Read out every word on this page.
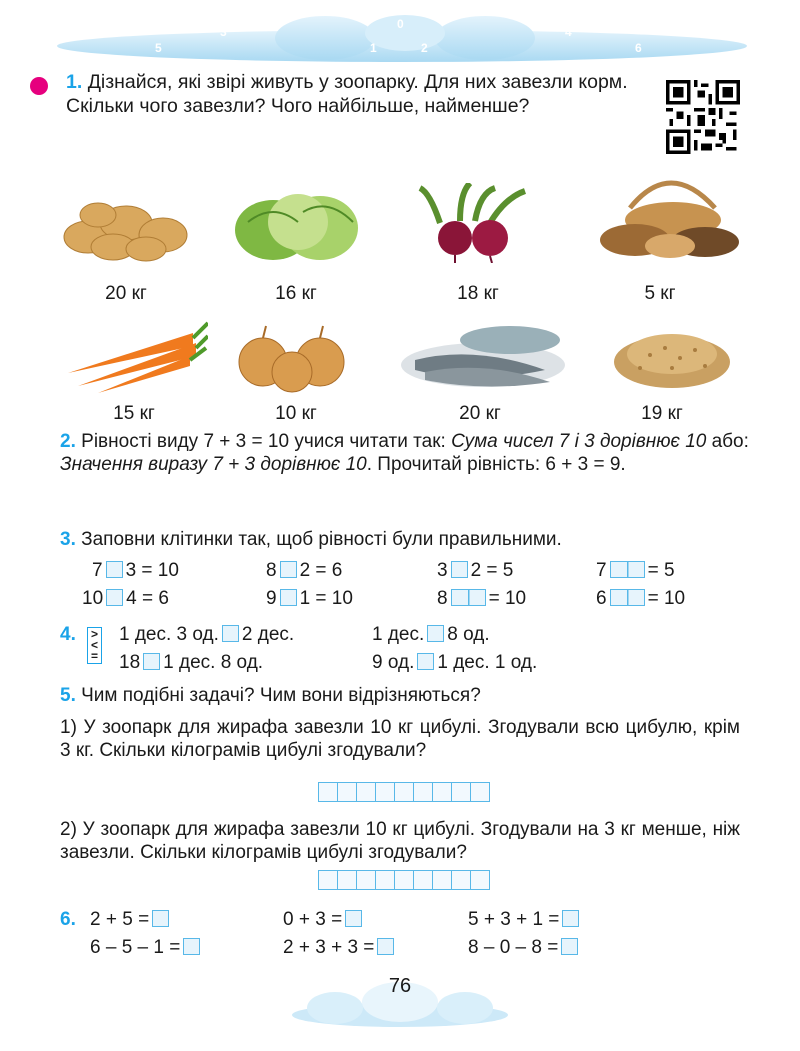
7
5
3
1
0
2
4
6
8
1. Дізнайся, які звірі живуть у зоопарку. Для них завезли корм. Скільки чого завезли? Чого найбільше, найменше?
20 кг	16 кг	18 кг	5 кг
15 кг	10 кг	20 кг	19 кг
2. Рівності виду 7 + 3 = 10 учися читати так: Сума чисел 7 і 3 дорівнює 10 або: Значення виразу 7 + 3 дорівнює 10. Прочитай рівність: 6 + 3 = 9.
3. Заповни клітинки так, щоб рівності були правильними.
7 3 = 10	8 2 = 6	3 2 = 5	7 = 5
10 4 = 6	9 1 = 10	8 = 10	6 = 10
4. >
<
=
1 дес. 3 од. 2 дес.	1 дес. 8 од.
18 1 дес. 8 од.	9 од. 1 дес. 1 од.
5. Чим подібні задачі? Чим вони відрізняються?
1) У зоопарк для жирафа завезли 10 кг цибулі. Згодували всю цибулю, крім 3 кг. Скільки кілограмів цибулі згодували?
2) У зоопарк для жирафа завезли 10 кг цибулі. Згодували на 3 кг менше, ніж завезли. Скільки кілограмів цибулі згодували?
6. 2 + 5 =	0 + 3 =	5 + 3 + 1 =
6 – 5 – 1 =	2 + 3 + 3 =	8 – 0 – 8 =
76
